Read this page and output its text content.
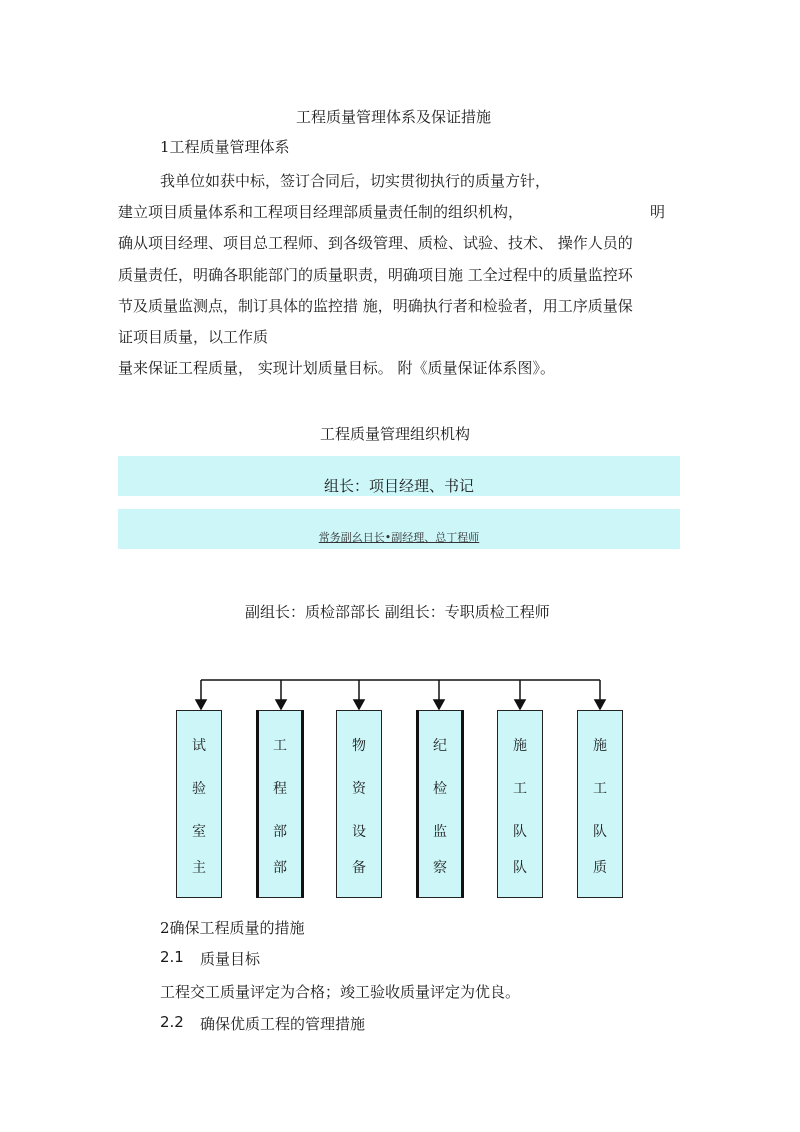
工程质量管理体系及保证措施
1工程质量管理体系
我单位如获中标，签订合同后，切实贯彻执行的质量方针，
建立项目质量体系和工程项目经理部质量责任制的组织机构，	明
确从项目经理、项目总工程师、到各级管理、质检、试验、技术、 操作人员的
质量责任，明确各职能部门的质量职责，明确项目施 工全过程中的质量监控环
节及质量监测点，制订具体的监控措 施，明确执行者和检验者，用工序质量保
证项目质量，以工作质
量来保证工程质量， 实现计划质量目标。 附《质量保证体系图》。
工程质量管理组织机构
组长：项目经理、书记
常务副幺日长•副经理、总丁程师
副组长：质检部部长 副组长：专职质检工程师
试
验
室
主
工
程
部
部
物
资
设
备
纪
检
监
察
施
工
队
队
施
工
队
质
2确保工程质量的措施
2.1 质量目标
工程交工质量评定为合格；竣工验收质量评定为优良。
2.2 确保优质工程的管理措施
